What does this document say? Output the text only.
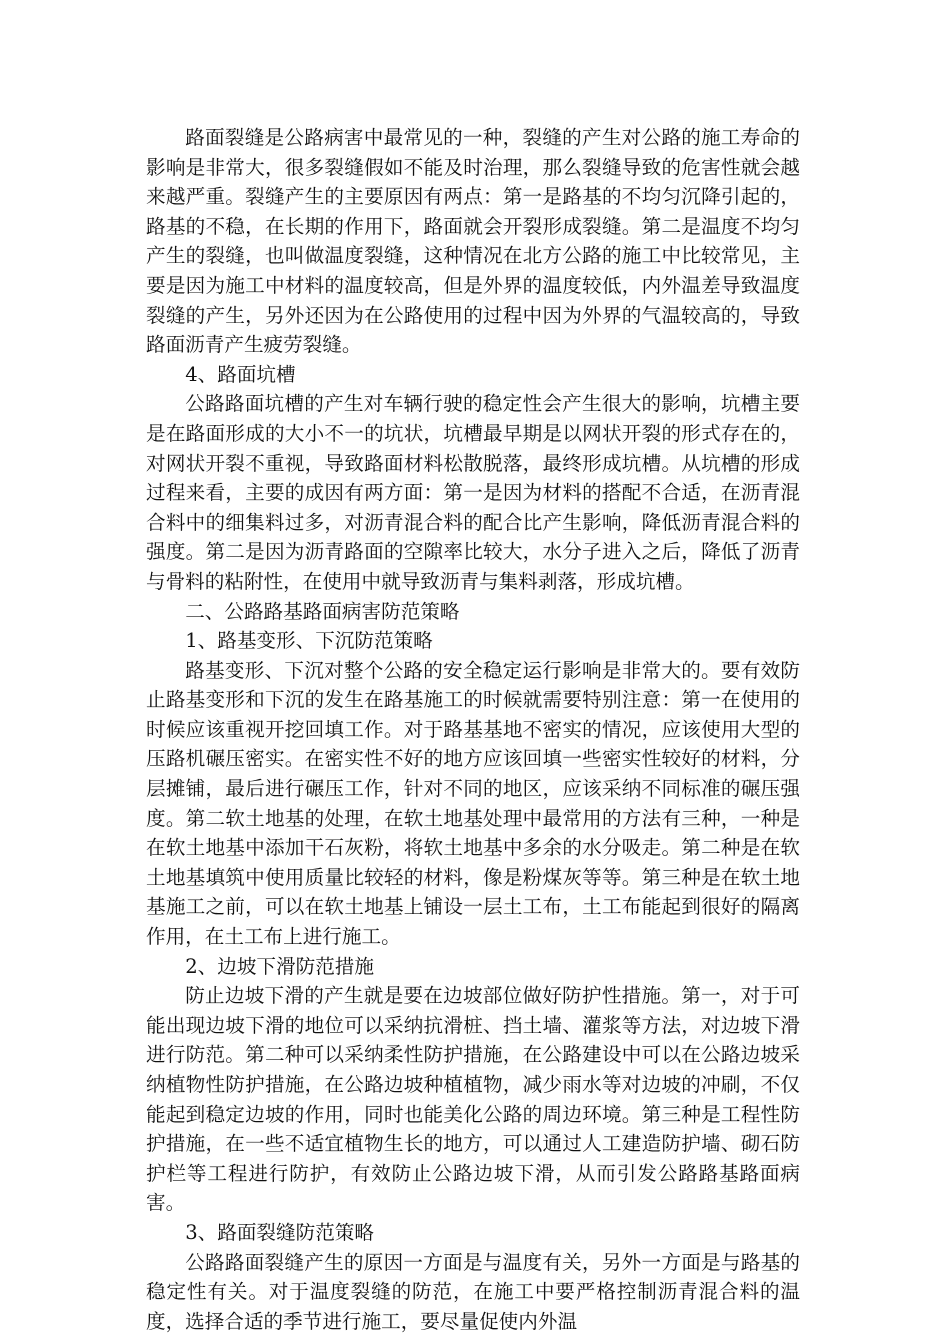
路面裂缝是公路病害中最常见的一种，裂缝的产生对公路的施工寿命的影响是非常大，很多裂缝假如不能及时治理，那么裂缝导致的危害性就会越来越严重。裂缝产生的主要原因有两点：第一是路基的不均匀沉降引起的，路基的不稳，在长期的作用下，路面就会开裂形成裂缝。第二是温度不均匀产生的裂缝，也叫做温度裂缝，这种情况在北方公路的施工中比较常见，主要是因为施工中材料的温度较高，但是外界的温度较低，内外温差导致温度裂缝的产生，另外还因为在公路使用的过程中因为外界的气温较高的，导致路面沥青产生疲劳裂缝。

4、路面坑槽

公路路面坑槽的产生对车辆行驶的稳定性会产生很大的影响，坑槽主要是在路面形成的大小不一的坑状，坑槽最早期是以网状开裂的形式存在的，对网状开裂不重视，导致路面材料松散脱落，最终形成坑槽。从坑槽的形成过程来看，主要的成因有两方面：第一是因为材料的搭配不合适，在沥青混合料中的细集料过多，对沥青混合料的配合比产生影响，降低沥青混合料的强度。第二是因为沥青路面的空隙率比较大，水分子进入之后，降低了沥青与骨料的粘附性，在使用中就导致沥青与集料剥落，形成坑槽。

二、公路路基路面病害防范策略

1、路基变形、下沉防范策略

路基变形、下沉对整个公路的安全稳定运行影响是非常大的。要有效防止路基变形和下沉的发生在路基施工的时候就需要特别注意：第一在使用的时候应该重视开挖回填工作。对于路基基地不密实的情况，应该使用大型的压路机碾压密实。在密实性不好的地方应该回填一些密实性较好的材料，分层摊铺，最后进行碾压工作，针对不同的地区，应该采纳不同标准的碾压强度。第二软土地基的处理，在软土地基处理中最常用的方法有三种，一种是在软土地基中添加干石灰粉，将软土地基中多余的水分吸走。第二种是在软土地基填筑中使用质量比较轻的材料，像是粉煤灰等等。第三种是在软土地基施工之前，可以在软土地基上铺设一层土工布，土工布能起到很好的隔离作用，在土工布上进行施工。

2、边坡下滑防范措施

防止边坡下滑的产生就是要在边坡部位做好防护性措施。第一，对于可能出现边坡下滑的地位可以采纳抗滑桩、挡土墙、灌浆等方法，对边坡下滑进行防范。第二种可以采纳柔性防护措施，在公路建设中可以在公路边坡采纳植物性防护措施，在公路边坡种植植物，减少雨水等对边坡的冲刷，不仅能起到稳定边坡的作用，同时也能美化公路的周边环境。第三种是工程性防护措施，在一些不适宜植物生长的地方，可以通过人工建造防护墙、砌石防护栏等工程进行防护，有效防止公路边坡下滑，从而引发公路路基路面病害。

3、路面裂缝防范策略

公路路面裂缝产生的原因一方面是与温度有关，另外一方面是与路基的稳定性有关。对于温度裂缝的防范，在施工中要严格控制沥青混合料的温度，选择合适的季节进行施工，要尽量促使内外温
